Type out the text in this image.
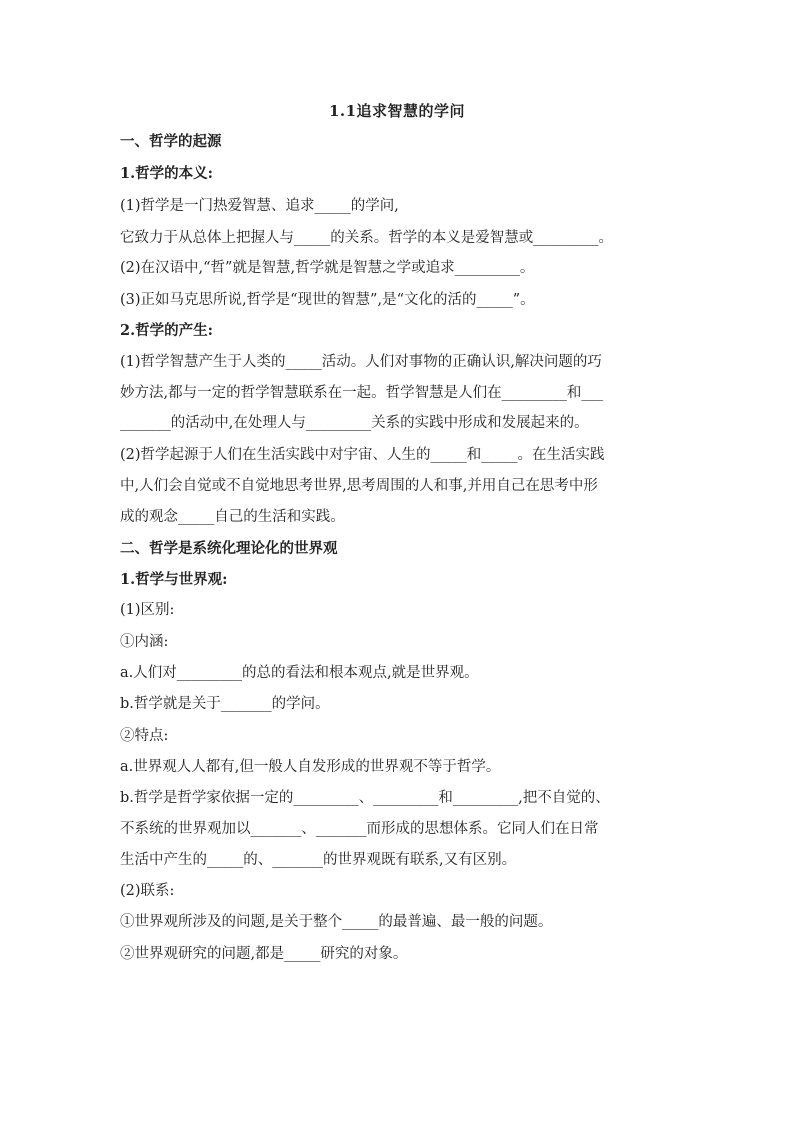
1.1追求智慧的学问
一、哲学的起源
1.哲学的本义:
(1)哲学是一门热爱智慧、追求_____的学问,
它致力于从总体上把握人与_____的关系。哲学的本义是爱智慧或_________。
(2)在汉语中,“哲”就是智慧,哲学就是智慧之学或追求_________。
(3)正如马克思所说,哲学是“现世的智慧”,是“文化的活的_____”。
2.哲学的产生:
(1)哲学智慧产生于人类的_____活动。人们对事物的正确认识,解决问题的巧
妙方法,都与一定的哲学智慧联系在一起。哲学智慧是人们在_________和___
_______的活动中,在处理人与_________关系的实践中形成和发展起来的。
(2)哲学起源于人们在生活实践中对宇宙、人生的_____和_____。在生活实践
中,人们会自觉或不自觉地思考世界,思考周围的人和事,并用自己在思考中形
成的观念_____自己的生活和实践。
二、哲学是系统化理论化的世界观
1.哲学与世界观:
(1)区别:
①内涵:
a.人们对_________的总的看法和根本观点,就是世界观。
b.哲学就是关于_______的学问。
②特点:
a.世界观人人都有,但一般人自发形成的世界观不等于哲学。
b.哲学是哲学家依据一定的_________、_________和_________,把不自觉的、
不系统的世界观加以_______、_______而形成的思想体系。它同人们在日常
生活中产生的_____的、_______的世界观既有联系,又有区别。
(2)联系:
①世界观所涉及的问题,是关于整个_____的最普遍、最一般的问题。
②世界观研究的问题,都是_____研究的对象。
